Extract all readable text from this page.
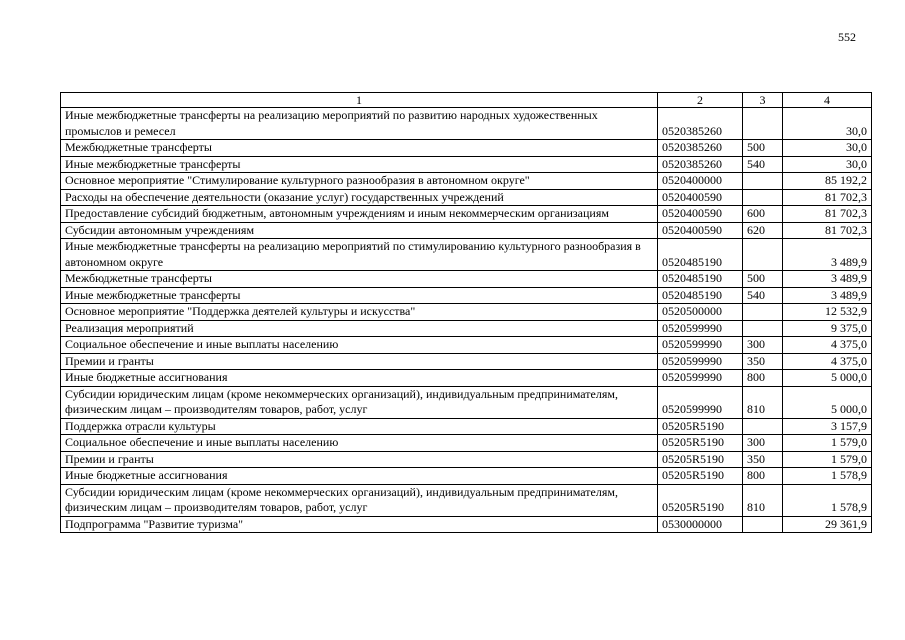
552
1	2	3	4
Иные межбюджетные трансферты на реализацию мероприятий по развитию народных художественных промыслов и ремесел	0520385260		30,0
Межбюджетные трансферты	0520385260	500	30,0
Иные межбюджетные трансферты	0520385260	540	30,0
Основное мероприятие "Стимулирование культурного разнообразия в автономном округе"	0520400000		85 192,2
Расходы на обеспечение деятельности (оказание услуг) государственных учреждений	0520400590		81 702,3
Предоставление субсидий бюджетным, автономным учреждениям и иным некоммерческим организациям	0520400590	600	81 702,3
Субсидии автономным учреждениям	0520400590	620	81 702,3
Иные межбюджетные трансферты на реализацию мероприятий по стимулированию культурного разнообразия в автономном округе	0520485190		3 489,9
Межбюджетные трансферты	0520485190	500	3 489,9
Иные межбюджетные трансферты	0520485190	540	3 489,9
Основное мероприятие "Поддержка деятелей культуры и искусства"	0520500000		12 532,9
Реализация мероприятий	0520599990		9 375,0
Социальное обеспечение и иные выплаты населению	0520599990	300	4 375,0
Премии и гранты	0520599990	350	4 375,0
Иные бюджетные ассигнования	0520599990	800	5 000,0
Субсидии юридическим лицам (кроме некоммерческих организаций), индивидуальным предпринимателям, физическим лицам – производителям товаров, работ, услуг	0520599990	810	5 000,0
Поддержка отрасли культуры	05205R5190		3 157,9
Социальное обеспечение и иные выплаты населению	05205R5190	300	1 579,0
Премии и гранты	05205R5190	350	1 579,0
Иные бюджетные ассигнования	05205R5190	800	1 578,9
Субсидии юридическим лицам (кроме некоммерческих организаций), индивидуальным предпринимателям, физическим лицам – производителям товаров, работ, услуг	05205R5190	810	1 578,9
Подпрограмма "Развитие туризма"	0530000000		29 361,9
